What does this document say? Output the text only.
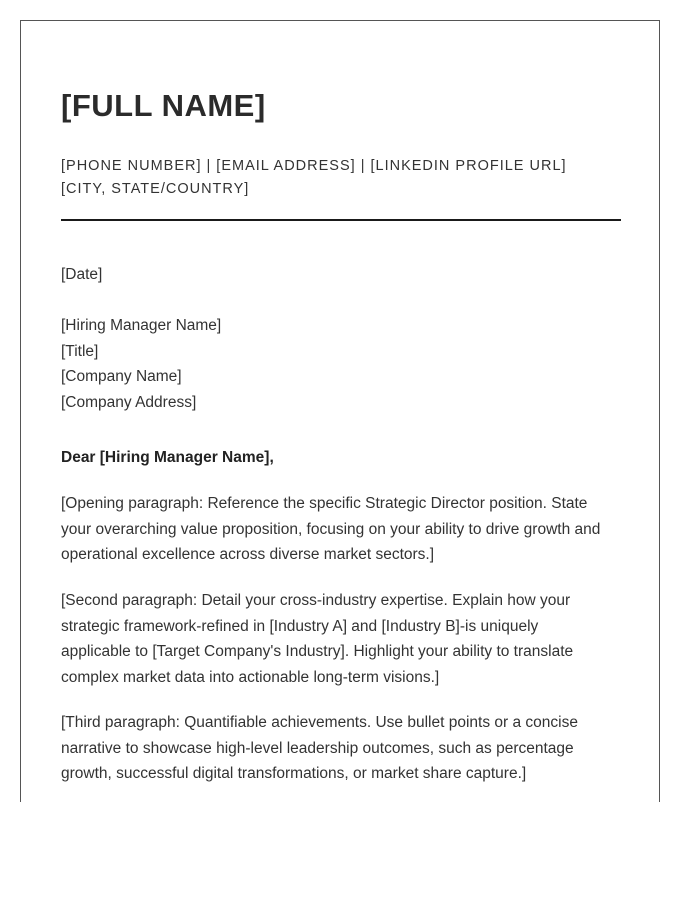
[FULL NAME]
[PHONE NUMBER] | [EMAIL ADDRESS] | [LINKEDIN PROFILE URL]
[CITY, STATE/COUNTRY]
[Date]
[Hiring Manager Name]
[Title]
[Company Name]
[Company Address]
Dear [Hiring Manager Name],
[Opening paragraph: Reference the specific Strategic Director position. State
your overarching value proposition, focusing on your ability to drive growth and
operational excellence across diverse market sectors.]
[Second paragraph: Detail your cross-industry expertise. Explain how your
strategic framework-refined in [Industry A] and [Industry B]-is uniquely
applicable to [Target Company's Industry]. Highlight your ability to translate
complex market data into actionable long-term visions.]
[Third paragraph: Quantifiable achievements. Use bullet points or a concise
narrative to showcase high-level leadership outcomes, such as percentage
growth, successful digital transformations, or market share capture.]
